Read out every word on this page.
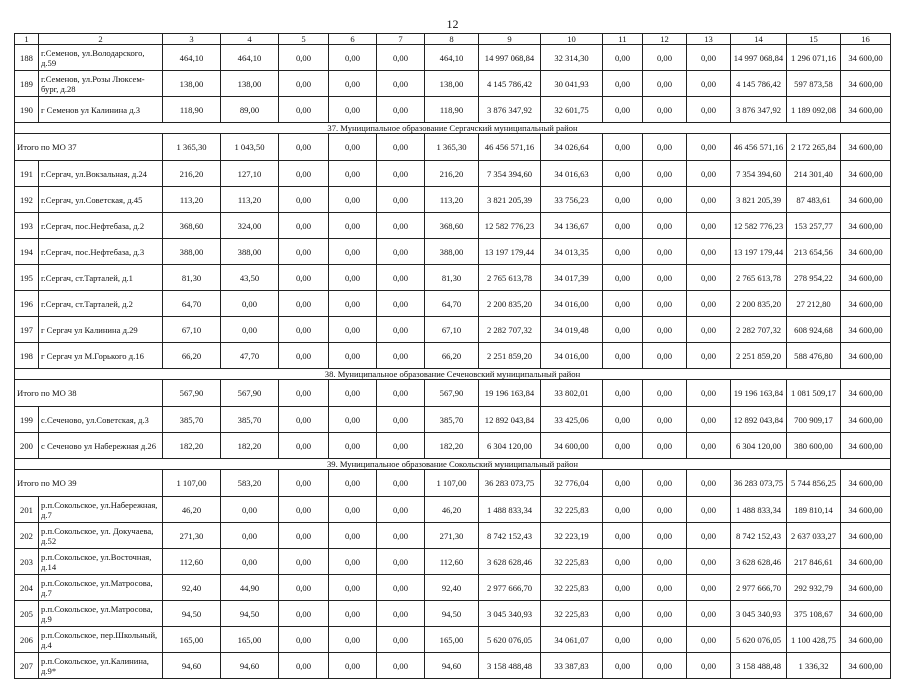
12
1	2	3	4	5	6	7	8	9	10	11	12	13	14	15	16
188	г.Семенов, ул.Володарского, д.59	464,10	464,10	0,00	0,00	0,00	464,10	14 997 068,84	32 314,30	0,00	0,00	0,00	14 997 068,84	1 296 071,16	34 600,00
189	г.Семенов, ул.Розы Люксем-бург, д.28	138,00	138,00	0,00	0,00	0,00	138,00	4 145 786,42	30 041,93	0,00	0,00	0,00	4 145 786,42	597 873,58	34 600,00
190	г Семенов ул Калинина д.3	118,90	89,00	0,00	0,00	0,00	118,90	3 876 347,92	32 601,75	0,00	0,00	0,00	3 876 347,92	1 189 092,08	34 600,00
37. Муниципальное образование Сергачский муниципальный район															
Итого по МО 37		1 365,30	1 043,50	0,00	0,00	0,00	1 365,30	46 456 571,16	34 026,64	0,00	0,00	0,00	46 456 571,16	2 172 265,84	34 600,00
191	г.Сергач, ул.Вокзальная, д.24	216,20	127,10	0,00	0,00	0,00	216,20	7 354 394,60	34 016,63	0,00	0,00	0,00	7 354 394,60	214 301,40	34 600,00
192	г.Сергач, ул.Советская, д.45	113,20	113,20	0,00	0,00	0,00	113,20	3 821 205,39	33 756,23	0,00	0,00	0,00	3 821 205,39	87 483,61	34 600,00
193	г.Сергач, пос.Нефтебаза, д.2	368,60	324,00	0,00	0,00	0,00	368,60	12 582 776,23	34 136,67	0,00	0,00	0,00	12 582 776,23	153 257,77	34 600,00
194	г.Сергач, пос.Нефтебаза, д.3	388,00	388,00	0,00	0,00	0,00	388,00	13 197 179,44	34 013,35	0,00	0,00	0,00	13 197 179,44	213 654,56	34 600,00
195	г.Сергач, ст.Тарталей, д.1	81,30	43,50	0,00	0,00	0,00	81,30	2 765 613,78	34 017,39	0,00	0,00	0,00	2 765 613,78	278 954,22	34 600,00
196	г.Сергач, ст.Тарталей, д.2	64,70	0,00	0,00	0,00	0,00	64,70	2 200 835,20	34 016,00	0,00	0,00	0,00	2 200 835,20	27 212,80	34 600,00
197	г Сергач ул Калинина д.29	67,10	0,00	0,00	0,00	0,00	67,10	2 282 707,32	34 019,48	0,00	0,00	0,00	2 282 707,32	608 924,68	34 600,00
198	г Сергач ул М.Горького д.16	66,20	47,70	0,00	0,00	0,00	66,20	2 251 859,20	34 016,00	0,00	0,00	0,00	2 251 859,20	588 476,80	34 600,00
38. Муниципальное образование Сеченовский муниципальный район															
Итого по МО 38		567,90	567,90	0,00	0,00	0,00	567,90	19 196 163,84	33 802,01	0,00	0,00	0,00	19 196 163,84	1 081 509,17	34 600,00
199	с.Сеченово, ул.Советская, д.3	385,70	385,70	0,00	0,00	0,00	385,70	12 892 043,84	33 425,06	0,00	0,00	0,00	12 892 043,84	700 909,17	34 600,00
200	с Сеченово ул Набережная д.26	182,20	182,20	0,00	0,00	0,00	182,20	6 304 120,00	34 600,00	0,00	0,00	0,00	6 304 120,00	380 600,00	34 600,00
39. Муниципальное образование Сокольский муниципальный район															
Итого по МО 39		1 107,00	583,20	0,00	0,00	0,00	1 107,00	36 283 073,75	32 776,04	0,00	0,00	0,00	36 283 073,75	5 744 856,25	34 600,00
201	р.п.Сокольское, ул.Набережная, д.7	46,20	0,00	0,00	0,00	0,00	46,20	1 488 833,34	32 225,83	0,00	0,00	0,00	1 488 833,34	189 810,14	34 600,00
202	р.п.Сокольское, ул. Докучаева, д.52	271,30	0,00	0,00	0,00	0,00	271,30	8 742 152,43	32 223,19	0,00	0,00	0,00	8 742 152,43	2 637 033,27	34 600,00
203	р.п.Сокольское, ул.Восточная, д.14	112,60	0,00	0,00	0,00	0,00	112,60	3 628 628,46	32 225,83	0,00	0,00	0,00	3 628 628,46	217 846,61	34 600,00
204	р.п.Сокольское, ул.Матросова, д.7	92,40	44,90	0,00	0,00	0,00	92,40	2 977 666,70	32 225,83	0,00	0,00	0,00	2 977 666,70	292 932,79	34 600,00
205	р.п.Сокольское, ул.Матросова, д.9	94,50	94,50	0,00	0,00	0,00	94,50	3 045 340,93	32 225,83	0,00	0,00	0,00	3 045 340,93	375 108,67	34 600,00
206	р.п.Сокольское, пер.Школьный, д.4	165,00	165,00	0,00	0,00	0,00	165,00	5 620 076,05	34 061,07	0,00	0,00	0,00	5 620 076,05	1 100 428,75	34 600,00
207	р.п.Сокольское, ул.Калинина, д.9*	94,60	94,60	0,00	0,00	0,00	94,60	3 158 488,48	33 387,83	0,00	0,00	0,00	3 158 488,48	1 336,32	34 600,00
